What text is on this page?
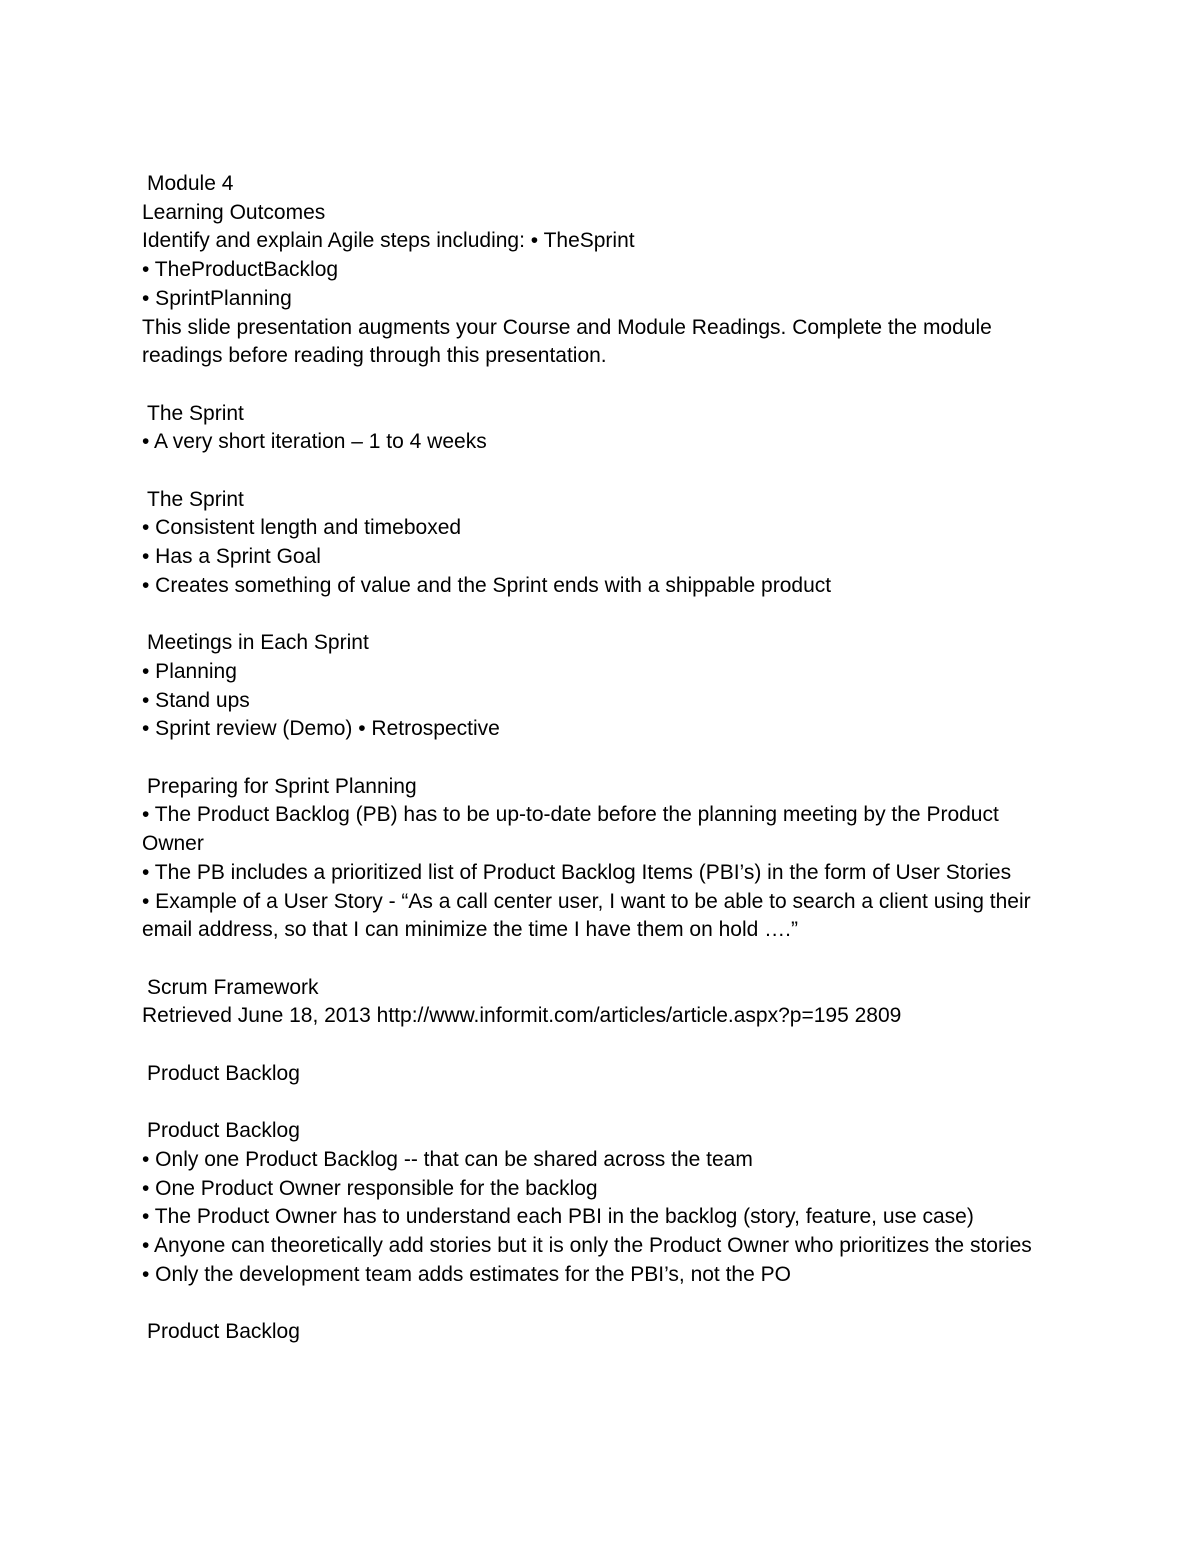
Module 4
Learning Outcomes
Identify and explain Agile steps including: • TheSprint
• TheProductBacklog
• SprintPlanning
This slide presentation augments your Course and Module Readings. Complete the module readings before reading through this presentation.
The Sprint
• A very short iteration – 1 to 4 weeks
The Sprint
• Consistent length and timeboxed
• Has a Sprint Goal
• Creates something of value and the Sprint ends with a shippable product
Meetings in Each Sprint
• Planning
• Stand ups
• Sprint review (Demo) • Retrospective
Preparing for Sprint Planning
• The Product Backlog (PB) has to be up-to-date before the planning meeting by the Product Owner
• The PB includes a prioritized list of Product Backlog Items (PBI’s) in the form of User Stories
• Example of a User Story - “As a call center user, I want to be able to search a client using their email address, so that I can minimize the time I have them on hold ….”
Scrum Framework
Retrieved June 18, 2013 http://www.informit.com/articles/article.aspx?p=195 2809
Product Backlog
Product Backlog
• Only one Product Backlog -- that can be shared across the team
• One Product Owner responsible for the backlog
• The Product Owner has to understand each PBI in the backlog (story, feature, use case)
• Anyone can theoretically add stories but it is only the Product Owner who prioritizes the stories
• Only the development team adds estimates for the PBI’s, not the PO
Product Backlog
